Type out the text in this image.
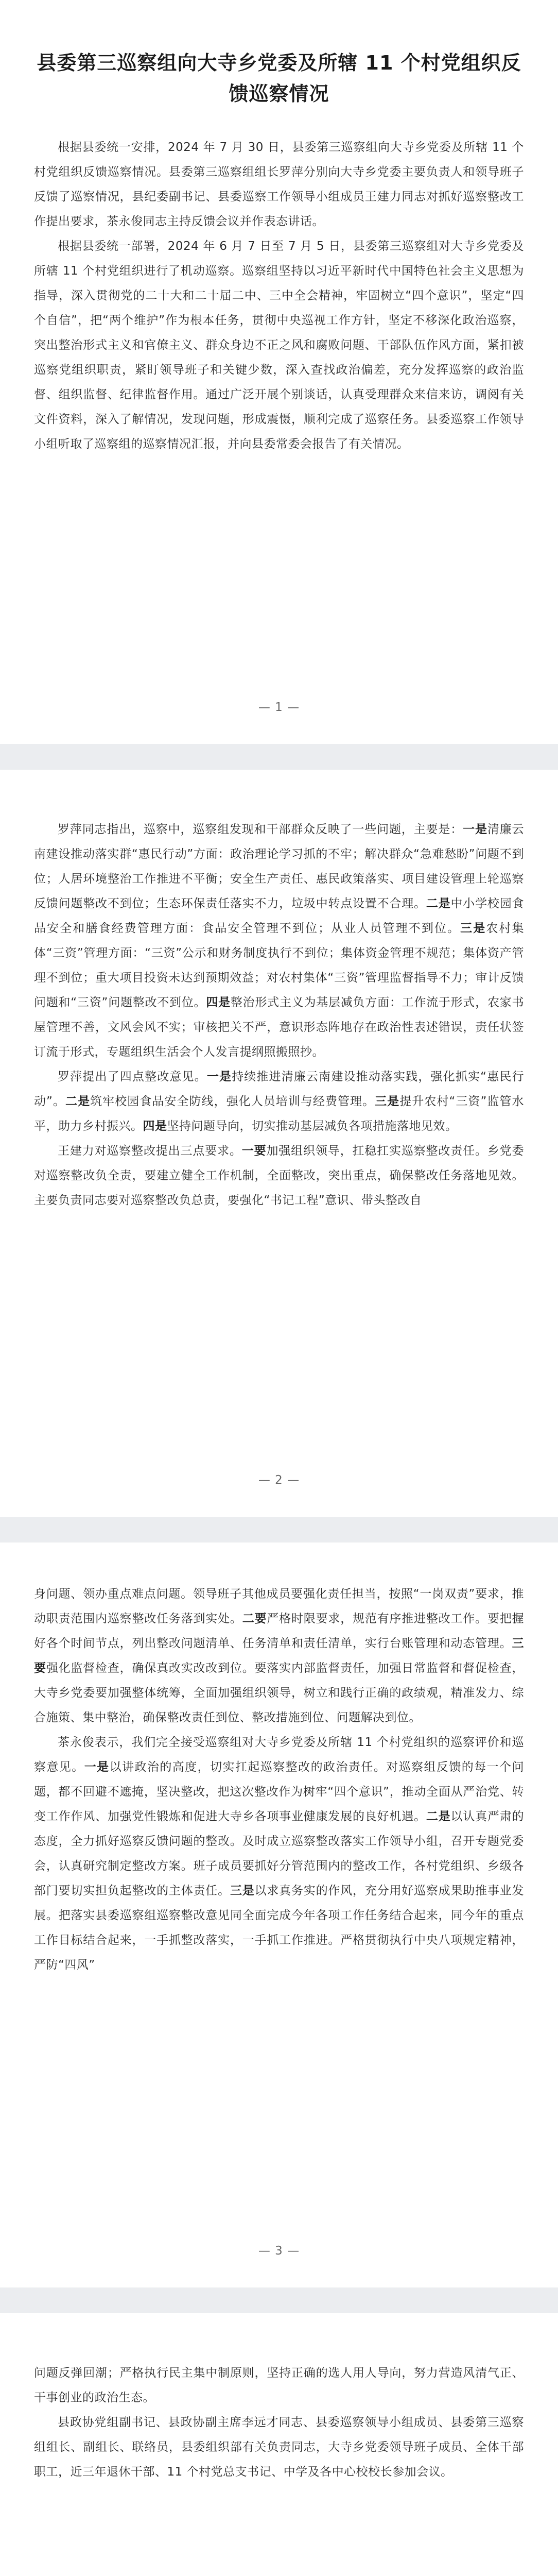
县委第三巡察组向大寺乡党委及所辖 11 个村党组织反馈巡察情况

根据县委统一安排，2024 年 7 月 30 日，县委第三巡察组向大寺乡党委及所辖 11 个村党组织反馈巡察情况。县委第三巡察组组长罗萍分别向大寺乡党委主要负责人和领导班子反馈了巡察情况，县纪委副书记、县委巡察工作领导小组成员王建力同志对抓好巡察整改工作提出要求，茶永俊同志主持反馈会议并作表态讲话。

根据县委统一部署，2024 年 6 月 7 日至 7 月 5 日，县委第三巡察组对大寺乡党委及所辖 11 个村党组织进行了机动巡察。巡察组坚持以习近平新时代中国特色社会主义思想为指导，深入贯彻党的二十大和二十届二中、三中全会精神，牢固树立“四个意识”，坚定“四个自信”，把“两个维护”作为根本任务，贯彻中央巡视工作方针，坚定不移深化政治巡察，突出整治形式主义和官僚主义、群众身边不正之风和腐败问题、干部队伍作风方面，紧扣被巡察党组织职责，紧盯领导班子和关键少数，深入查找政治偏差，充分发挥巡察的政治监督、组织监督、纪律监督作用。通过广泛开展个别谈话，认真受理群众来信来访，调阅有关文件资料，深入了解情况，发现问题，形成震慑，顺利完成了巡察任务。县委巡察工作领导小组听取了巡察组的巡察情况汇报，并向县委常委会报告了有关情况。

— 1 —

罗萍同志指出，巡察中，巡察组发现和干部群众反映了一些问题，主要是：一是清廉云南建设推动落实群“惠民行动”方面：政治理论学习抓的不牢；解决群众“急难愁盼”问题不到位；人居环境整治工作推进不平衡；安全生产责任、惠民政策落实、项目建设管理上轮巡察反馈问题整改不到位；生态环保责任落实不力，垃圾中转点设置不合理。二是中小学校园食品安全和膳食经费管理方面：食品安全管理不到位；从业人员管理不到位。三是农村集体“三资”管理方面：“三资”公示和财务制度执行不到位；集体资金管理不规范；集体资产管理不到位；重大项目投资未达到预期效益；对农村集体“三资”管理监督指导不力；审计反馈问题和“三资”问题整改不到位。四是整治形式主义为基层减负方面：工作流于形式，农家书屋管理不善，文风会风不实；审核把关不严，意识形态阵地存在政治性表述错误，责任状签订流于形式，专题组织生活会个人发言提纲照搬照抄。

罗萍提出了四点整改意见。一是持续推进清廉云南建设推动落实践，强化抓实“惠民行动”。二是筑牢校园食品安全防线，强化人员培训与经费管理。三是提升农村“三资”监管水平，助力乡村振兴。四是坚持问题导向，切实推动基层减负各项措施落地见效。

王建力对巡察整改提出三点要求。一要加强组织领导，扛稳扛实巡察整改责任。乡党委对巡察整改负全责，要建立健全工作机制，全面整改，突出重点，确保整改任务落地见效。主要负责同志要对巡察整改负总责，要强化“书记工程”意识、带头整改自

— 2 —

身问题、领办重点难点问题。领导班子其他成员要强化责任担当，按照“一岗双责”要求，推动职责范围内巡察整改任务落到实处。二要严格时限要求，规范有序推进整改工作。要把握好各个时间节点，列出整改问题清单、任务清单和责任清单，实行台账管理和动态管理。三要强化监督检查，确保真改实改改到位。要落实内部监督责任，加强日常监督和督促检查，大寺乡党委要加强整体统筹，全面加强组织领导，树立和践行正确的政绩观，精准发力、综合施策、集中整治，确保整改责任到位、整改措施到位、问题解决到位。

茶永俊表示，我们完全接受巡察组对大寺乡党委及所辖 11 个村党组织的巡察评价和巡察意见。一是以讲政治的高度，切实扛起巡察整改的政治责任。对巡察组反馈的每一个问题，都不回避不遮掩，坚决整改，把这次整改作为树牢“四个意识”，推动全面从严治党、转变工作作风、加强党性锻炼和促进大寺乡各项事业健康发展的良好机遇。二是以认真严肃的态度，全力抓好巡察反馈问题的整改。及时成立巡察整改落实工作领导小组，召开专题党委会，认真研究制定整改方案。班子成员要抓好分管范围内的整改工作，各村党组织、乡级各部门要切实担负起整改的主体责任。三是以求真务实的作风，充分用好巡察成果助推事业发展。把落实县委巡察组巡察整改意见同全面完成今年各项工作任务结合起来，同今年的重点工作目标结合起来，一手抓整改落实，一手抓工作推进。严格贯彻执行中央八项规定精神，严防“四风”

— 3 —

问题反弹回潮；严格执行民主集中制原则，坚持正确的选人用人导向，努力营造风清气正、干事创业的政治生态。

县政协党组副书记、县政协副主席李远才同志、县委巡察领导小组成员、县委第三巡察组组长、副组长、联络员，县委组织部有关负责同志，大寺乡党委领导班子成员、全体干部职工，近三年退休干部、11 个村党总支书记、中学及各中心校校长参加会议。
